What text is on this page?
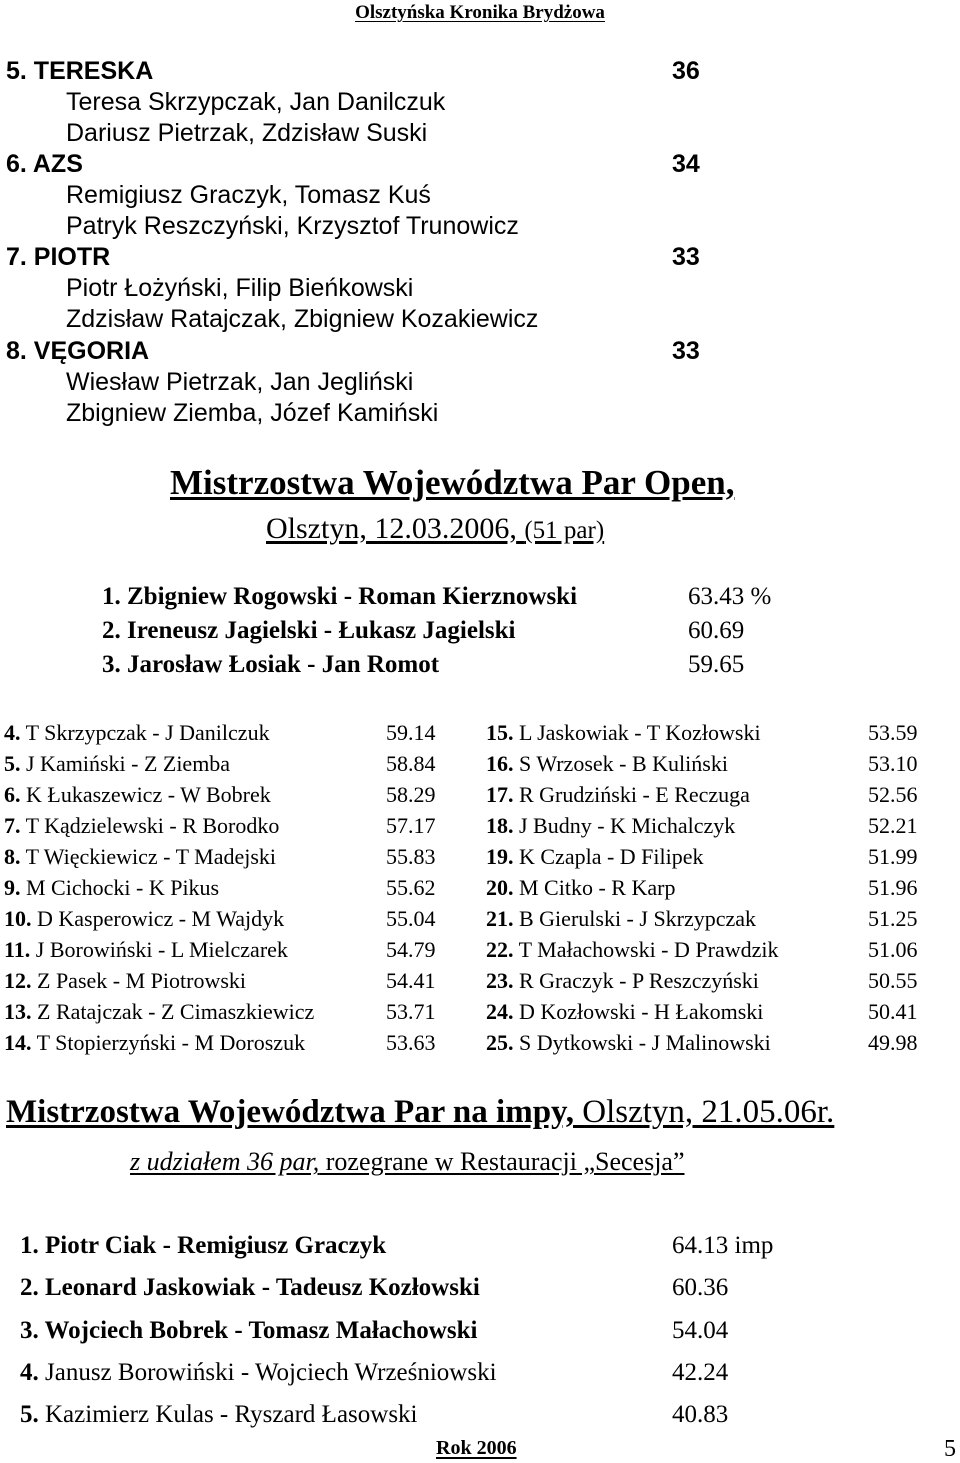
Olsztyńska Kronika Brydżowa
5. TERESKA	36
Teresa Skrzypczak, Jan Danilczuk
Dariusz Pietrzak, Zdzisław Suski
6. AZS	34
Remigiusz Graczyk, Tomasz Kuś
Patryk Reszczyński, Krzysztof Trunowicz
7. PIOTR	33
Piotr Łożyński, Filip Bieńkowski
Zdzisław Ratajczak, Zbigniew Kozakiewicz
8. VĘGORIA	33
Wiesław Pietrzak, Jan Jegliński
Zbigniew Ziemba, Józef Kamiński
Mistrzostwa Województwa Par Open,
Olsztyn, 12.03.2006, (51 par)
1. Zbigniew Rogowski - Roman Kierznowski	63.43 %
2. Ireneusz Jagielski - Łukasz Jagielski	60.69
3. Jarosław Łosiak - Jan Romot	59.65
4. T Skrzypczak - J Danilczuk	59.14
5. J Kamiński - Z Ziemba	58.84
6. K Łukaszewicz - W Bobrek	58.29
7. T Kądzielewski - R Borodko	57.17
8. T Więckiewicz - T Madejski	55.83
9. M Cichocki - K Pikus	55.62
10. D Kasperowicz - M Wajdyk	55.04
11. J Borowiński - L Mielczarek	54.79
12. Z Pasek - M Piotrowski	54.41
13. Z Ratajczak - Z Cimaszkiewicz	53.71
14. T Stopierzyński - M Doroszuk	53.63
15. L Jaskowiak - T Kozłowski	53.59
16. S Wrzosek - B Kuliński	53.10
17. R Grudziński - E Reczuga	52.56
18. J Budny - K Michalczyk	52.21
19. K Czapla - D Filipek	51.99
20. M Citko - R Karp	51.96
21. B Gierulski - J Skrzypczak	51.25
22. T Małachowski - D Prawdzik	51.06
23. R Graczyk - P Reszczyński	50.55
24. D Kozłowski - H Łakomski	50.41
25. S Dytkowski - J Malinowski	49.98
Mistrzostwa Województwa Par na impy, Olsztyn, 21.05.06r.
z udziałem 36 par, rozegrane w Restauracji „Secesja”
1. Piotr Ciak - Remigiusz Graczyk	64.13 imp
2. Leonard Jaskowiak - Tadeusz Kozłowski	60.36
3. Wojciech Bobrek - Tomasz Małachowski	54.04
4. Janusz Borowiński - Wojciech Wrześniowski	42.24
5. Kazimierz Kulas - Ryszard Łasowski	40.83
Rok 2006	5
